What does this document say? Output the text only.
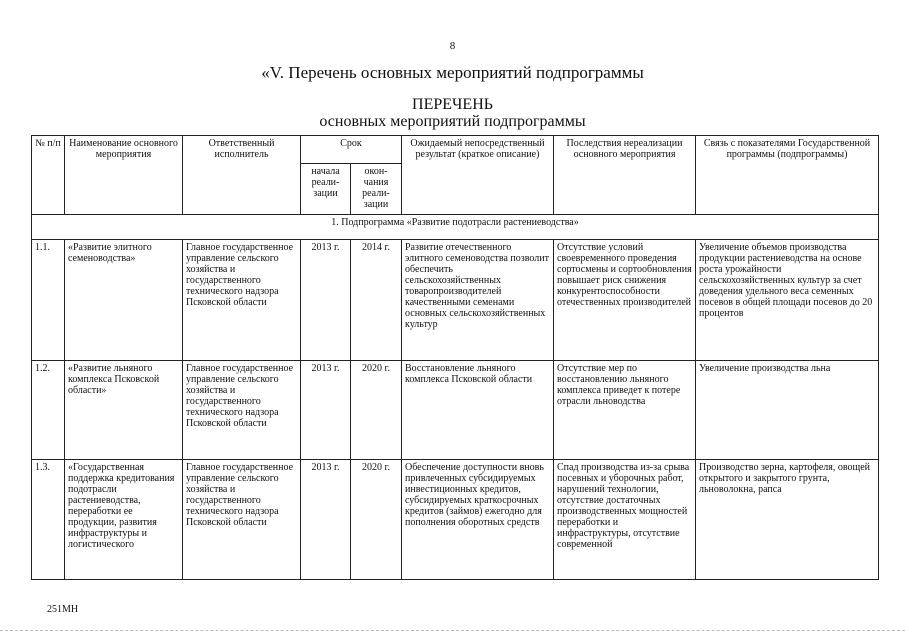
8
«V. Перечень основных мероприятий подпрограммы
ПЕРЕЧЕНЬ
основных мероприятий подпрограммы
№ п/п	Наименование основного мероприятия	Ответственный исполнитель	Срок		Ожидаемый непосредственный результат (краткое описание)	Последствия нереализации основного мероприятия	Связь с показателями Государственной программы (подпрограммы)
			начала реали-зации	окон-чания реали-зации			
1. Подпрограмма «Развитие подотрасли растениеводства»							
1.1.	«Развитие элитного семеноводства»	Главное государственное управление сельского хозяйства и государственного технического надзора Псковской области	2013 г.	2014 г.	Развитие отечественного элитного семеноводства позволит обеспечить сельскохозяйственных товаропроизводителей качественными семенами основных сельскохозяйственных культур	Отсутствие условий своевременного проведения сортосмены и сортообновления повышает риск снижения конкурентоспособности отечественных производителей	Увеличение объемов производства продукции растениеводства на основе роста урожайности сельскохозяйственных культур за счет доведения удельного веса семенных посевов в общей площади посевов до 20 процентов
1.2.	«Развитие льняного комплекса Псковской области»	Главное государственное управление сельского хозяйства и государственного технического надзора Псковской области	2013 г.	2020 г.	Восстановление льняного комплекса Псковской области	Отсутствие мер по восстановлению льняного комплекса приведет к потере отрасли льноводства	Увеличение производства льна
1.3.	«Государственная поддержка кредитования подотрасли растениеводства, переработки ее продукции, развития инфраструктуры и логистического	Главное государственное управление сельского хозяйства и государственного технического надзора Псковской области	2013 г.	2020 г.	Обеспечение доступности вновь привлеченных субсидируемых инвестиционных кредитов, субсидируемых краткосрочных кредитов (займов) ежегодно для пополнения оборотных средств	Спад производства из-за срыва посевных и уборочных работ, нарушений технологии, отсутствие достаточных производственных мощностей переработки и инфраструктуры, отсутствие современной	Производство зерна, картофеля, овощей открытого и закрытого грунта, льноволокна, рапса
251МН
